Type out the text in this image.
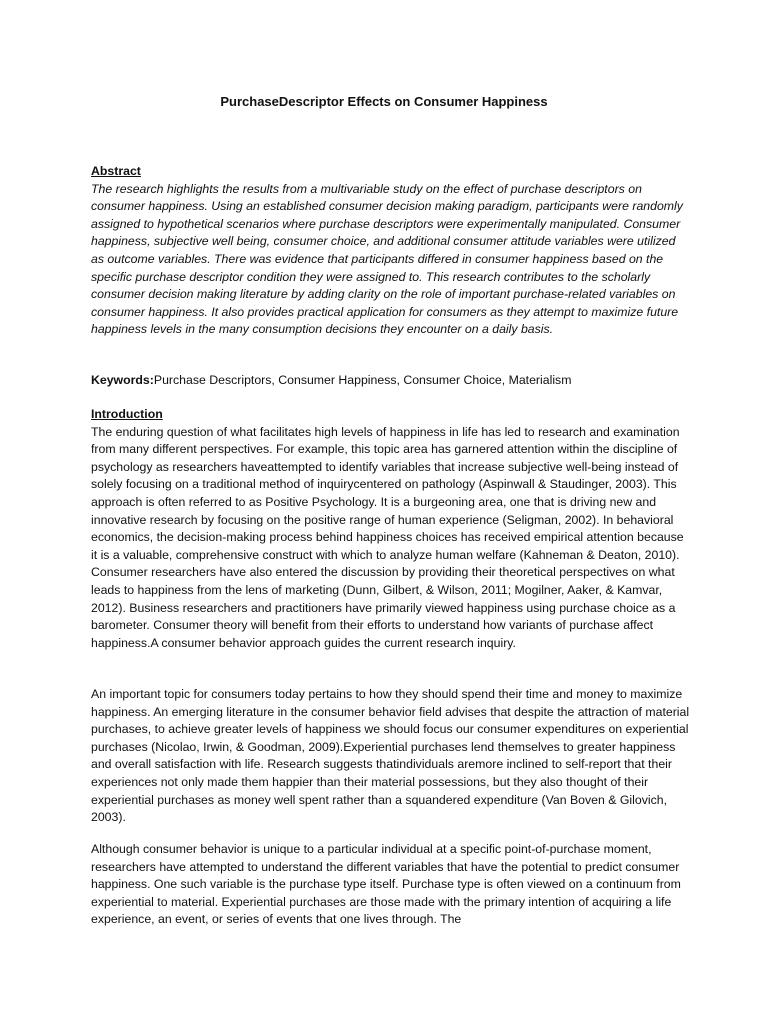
PurchaseDescriptor Effects on Consumer Happiness
Abstract
The research highlights the results from a multivariable study on the effect of purchase descriptors on consumer happiness. Using an established consumer decision making paradigm, participants were randomly assigned to hypothetical scenarios where purchase descriptors were experimentally manipulated. Consumer happiness, subjective well being, consumer choice, and additional consumer attitude variables were utilized as outcome variables. There was evidence that participants differed in consumer happiness based on the specific purchase descriptor condition they were assigned to. This research contributes to the scholarly consumer decision making literature by adding clarity on the role of important purchase-related variables on consumer happiness. It also provides practical application for consumers as they attempt to maximize future happiness levels in the many consumption decisions they encounter on a daily basis.
Keywords:Purchase Descriptors, Consumer Happiness, Consumer Choice, Materialism
Introduction
The enduring question of what facilitates high levels of happiness in life has led to research and examination from many different perspectives. For example, this topic area has garnered attention within the discipline of psychology as researchers haveattempted to identify variables that increase subjective well-being instead of solely focusing on a traditional method of inquirycentered on pathology (Aspinwall & Staudinger, 2003). This approach is often referred to as Positive Psychology. It is a burgeoning area, one that is driving new and innovative research by focusing on the positive range of human experience (Seligman, 2002). In behavioral economics, the decision-making process behind happiness choices has received empirical attention because it is a valuable, comprehensive construct with which to analyze human welfare (Kahneman & Deaton, 2010). Consumer researchers have also entered the discussion by providing their theoretical perspectives on what leads to happiness from the lens of marketing (Dunn, Gilbert, & Wilson, 2011; Mogilner, Aaker, & Kamvar, 2012). Business researchers and practitioners have primarily viewed happiness using purchase choice as a barometer. Consumer theory will benefit from their efforts to understand how variants of purchase affect happiness.A consumer behavior approach guides the current research inquiry.
An important topic for consumers today pertains to how they should spend their time and money to maximize happiness. An emerging literature in the consumer behavior field advises that despite the attraction of material purchases, to achieve greater levels of happiness we should focus our consumer expenditures on experiential purchases (Nicolao, Irwin, & Goodman, 2009).Experiential purchases lend themselves to greater happiness and overall satisfaction with life. Research suggests thatindividuals aremore inclined to self-report that their experiences not only made them happier than their material possessions, but they also thought of their experiential purchases as money well spent rather than a squandered expenditure (Van Boven & Gilovich, 2003).
Although consumer behavior is unique to a particular individual at a specific point-of-purchase moment, researchers have attempted to understand the different variables that have the potential to predict consumer happiness. One such variable is the purchase type itself. Purchase type is often viewed on a continuum from experiential to material. Experiential purchases are those made with the primary intention of acquiring a life experience, an event, or series of events that one lives through. The
